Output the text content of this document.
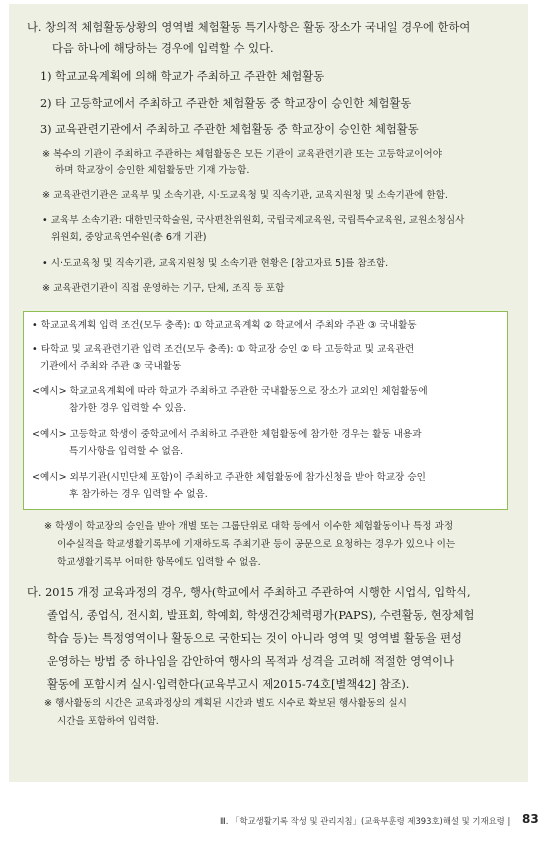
나. 창의적 체험활동상황의 영역별 체험활동 특기사항은 활동 장소가 국내일 경우에 한하여
다음 하나에 해당하는 경우에 입력할 수 있다.
1) 학교교육계획에 의해 학교가 주최하고 주관한 체험활동
2) 타 고등학교에서 주최하고 주관한 체험활동 중 학교장이 승인한 체험활동
3) 교육관련기관에서 주최하고 주관한 체험활동 중 학교장이 승인한 체험활동
※ 복수의 기관이 주최하고 주관하는 체험활동은 모든 기관이 교육관련기관 또는 고등학교이어야
하며 학교장이 승인한 체험활동만 기재 가능함.
※ 교육관련기관은 교육부 및 소속기관, 시·도교육청 및 직속기관, 교육지원청 및 소속기관에 한함.
• 교육부 소속기관: 대한민국학술원, 국사편찬위원회, 국립국제교육원, 국립특수교육원, 교원소청심사
위원회, 중앙교육연수원(총 6개 기관)
• 시·도교육청 및 직속기관, 교육지원청 및 소속기관 현황은 [참고자료 5]를 참조함.
※ 교육관련기관이 직접 운영하는 기구, 단체, 조직 등 포함
• 학교교육계획 입력 조건(모두 충족): ① 학교교육계획 ② 학교에서 주최와 주관 ③ 국내활동
• 타학교 및 교육관련기관 입력 조건(모두 충족): ① 학교장 승인 ② 타 고등학교 및 교육관련
기관에서 주최와 주관 ③ 국내활동
<예시> 학교교육계획에 따라 학교가 주최하고 주관한 국내활동으로 장소가 교외인 체험활동에
참가한 경우 입력할 수 있음.
<예시> 고등학교 학생이 중학교에서 주최하고 주관한 체험활동에 참가한 경우는 활동 내용과
특기사항을 입력할 수 없음.
<예시> 외부기관(시민단체 포함)이 주최하고 주관한 체험활동에 참가신청을 받아 학교장 승인
후 참가하는 경우 입력할 수 없음.
※ 학생이 학교장의 승인을 받아 개별 또는 그룹단위로 대학 등에서 이수한 체험활동이나 특정 과정
이수실적을 학교생활기록부에 기재하도록 주최기관 등이 공문으로 요청하는 경우가 있으나 이는
학교생활기록부 어떠한 항목에도 입력할 수 없음.
다. 2015 개정 교육과정의 경우, 행사(학교에서 주최하고 주관하여 시행한 시업식, 입학식,
졸업식, 종업식, 전시회, 발표회, 학예회, 학생건강체력평가(PAPS), 수련활동, 현장체험
학습 등)는 특정영역이나 활동으로 국한되는 것이 아니라 영역 및 영역별 활동을 편성
운영하는 방법 중 하나임을 감안하여 행사의 목적과 성격을 고려해 적절한 영역이나
활동에 포함시켜 실시·입력한다(교육부고시 제2015-74호[별책42] 참조).
※ 행사활동의 시간은 교육과정상의 계획된 시간과 별도 시수로 확보된 행사활동의 실시
시간을 포함하여 입력함.
Ⅲ. 「학교생활기록 작성 및 관리지침」(교육부훈령 제393호)해설 및 기재요령 | 83
